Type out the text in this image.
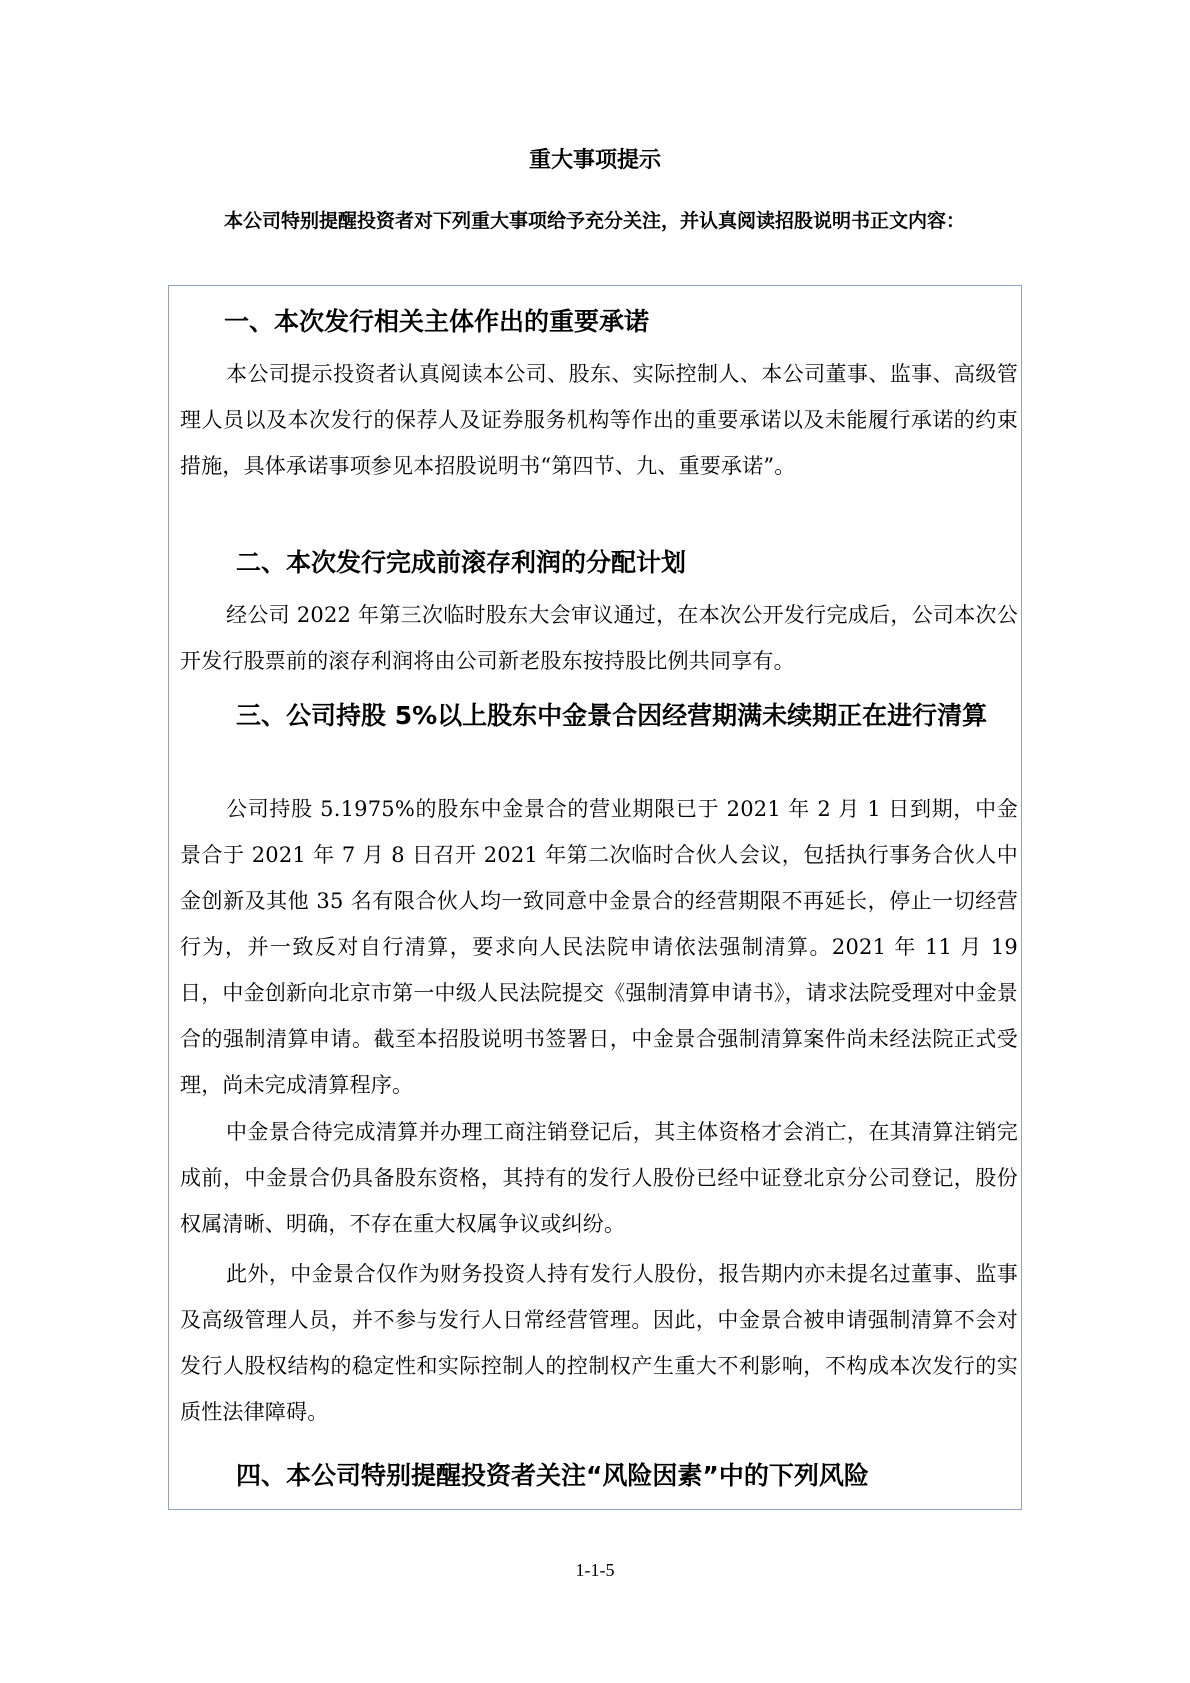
重大事项提示
本公司特别提醒投资者对下列重大事项给予充分关注，并认真阅读招股说明书正文内容：
一、本次发行相关主体作出的重要承诺

本公司提示投资者认真阅读本公司、股东、实际控制人、本公司董事、监事、高级管理人员以及本次发行的保荐人及证券服务机构等作出的重要承诺以及未能履行承诺的约束措施，具体承诺事项参见本招股说明书“第四节、九、重要承诺”。

二、本次发行完成前滚存利润的分配计划

经公司 2022 年第三次临时股东大会审议通过，在本次公开发行完成后，公司本次公开发行股票前的滚存利润将由公司新老股东按持股比例共同享有。

三、公司持股 5%以上股东中金景合因经营期满未续期正在进行清算

公司持股 5.1975%的股东中金景合的营业期限已于 2021 年 2 月 1 日到期，中金景合于 2021 年 7 月 8 日召开 2021 年第二次临时合伙人会议，包括执行事务合伙人中金创新及其他 35 名有限合伙人均一致同意中金景合的经营期限不再延长，停止一切经营行为，并一致反对自行清算，要求向人民法院申请依法强制清算。2021 年 11 月 19 日，中金创新向北京市第一中级人民法院提交《强制清算申请书》，请求法院受理对中金景合的强制清算申请。截至本招股说明书签署日，中金景合强制清算案件尚未经法院正式受理，尚未完成清算程序。

中金景合待完成清算并办理工商注销登记后，其主体资格才会消亡，在其清算注销完成前，中金景合仍具备股东资格，其持有的发行人股份已经中证登北京分公司登记，股份权属清晰、明确，不存在重大权属争议或纠纷。

此外，中金景合仅作为财务投资人持有发行人股份，报告期内亦未提名过董事、监事及高级管理人员，并不参与发行人日常经营管理。因此，中金景合被申请强制清算不会对发行人股权结构的稳定性和实际控制人的控制权产生重大不利影响，不构成本次发行的实质性法律障碍。

四、本公司特别提醒投资者关注“风险因素”中的下列风险
1-1-5
